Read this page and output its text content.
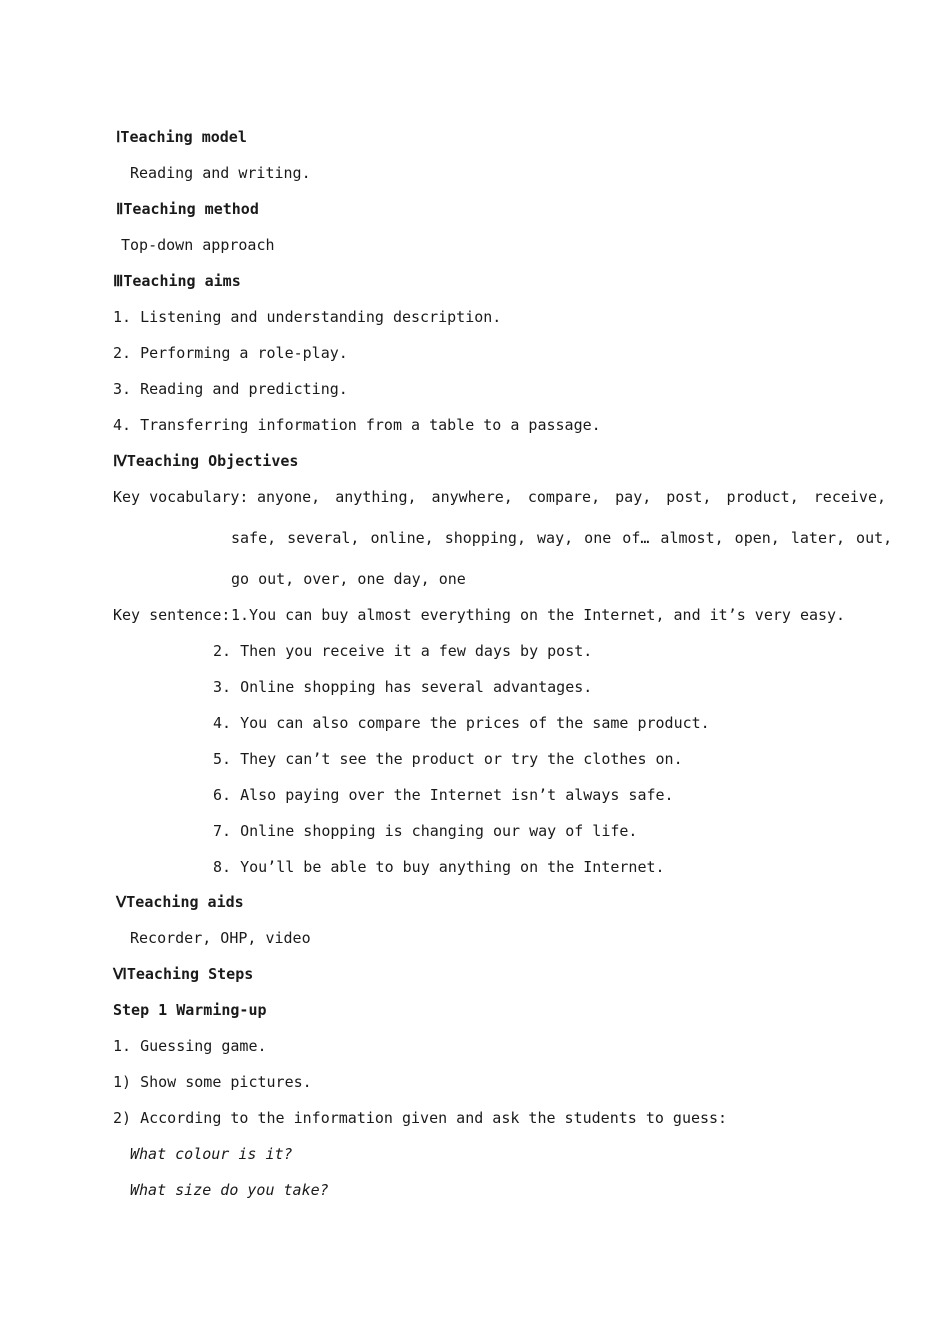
ⅠTeaching model
Reading and writing.
ⅡTeaching method
Top-down approach
ⅢTeaching aims
1. Listening and understanding description.
2. Performing a role-play.
3. Reading and predicting.
4. Transferring information from a table to a passage.
ⅣTeaching Objectives
Key vocabulary: anyone, anything, anywhere, compare, pay, post, product, receive,
safe, several, online, shopping, way, one of… almost, open, later, out,
go out, over, one day, one
Key sentence: 1.You can buy almost everything on the Internet, and it’s very easy.
2. Then you receive it a few days by post.
3. Online shopping has several advantages.
4. You can also compare the prices of the same product.
5. They can’t see the product or try the clothes on.
6. Also paying over the Internet isn’t always safe.
7. Online shopping is changing our way of life.
8. You’ll be able to buy anything on the Internet.
ⅤTeaching aids
Recorder, OHP, video
ⅥTeaching Steps
Step 1 Warming-up
1. Guessing game.
1) Show some pictures.
2) According to the information given and ask the students to guess:
What colour is it?
What size do you take?
